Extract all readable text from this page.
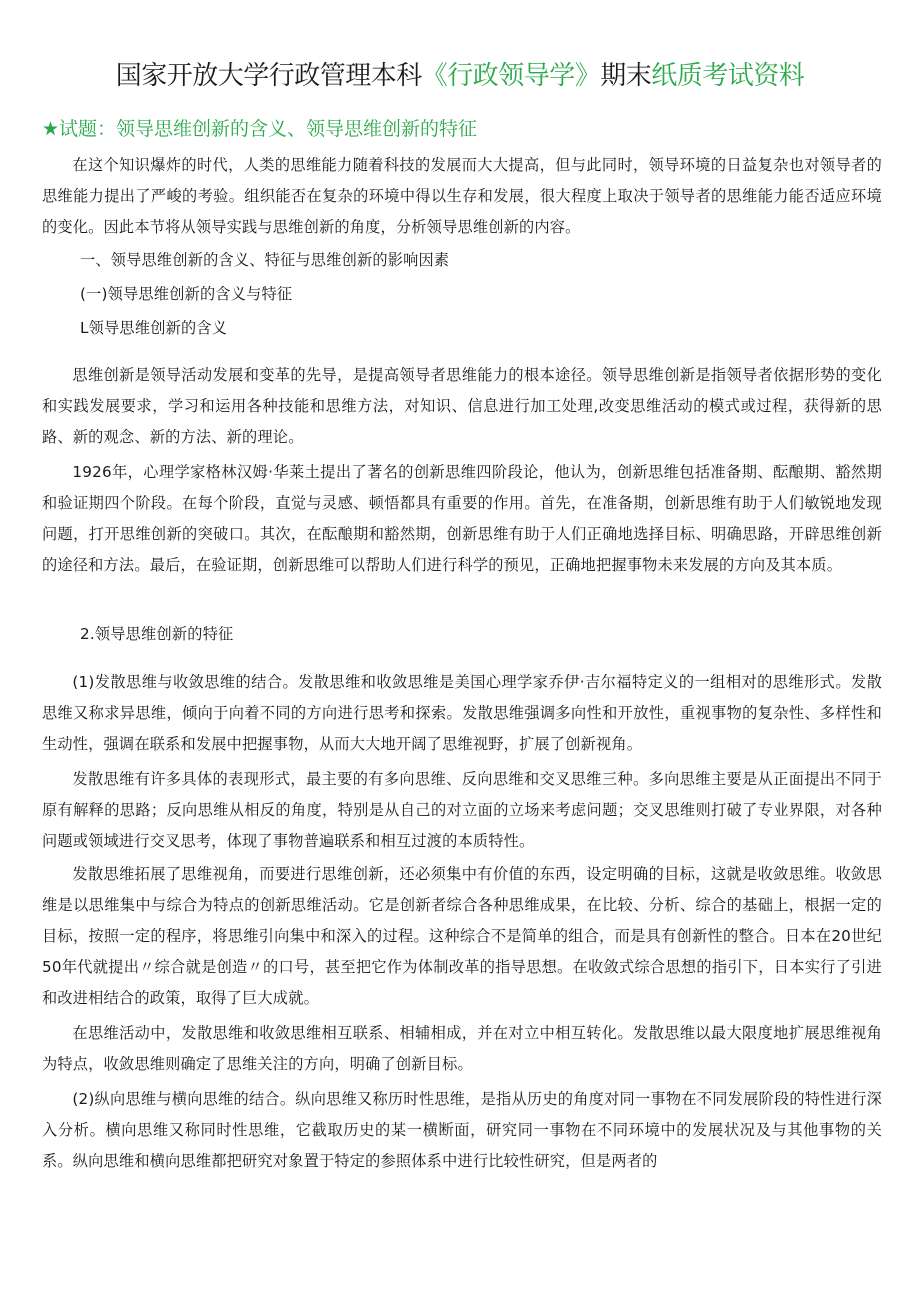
国家开放大学行政管理本科《行政领导学》期末纸质考试资料
★试题：领导思维创新的含义、领导思维创新的特征

在这个知识爆炸的时代，人类的思维能力随着科技的发展而大大提高，但与此同时，领导环境的日益复杂也对领导者的思维能力提出了严峻的考验。组织能否在复杂的环境中得以生存和发展，很大程度上取决于领导者的思维能力能否适应环境的变化。因此本节将从领导实践与思维创新的角度，分析领导思维创新的内容。

一、领导思维创新的含义、特征与思维创新的影响因素

(一)领导思维创新的含义与特征

L领导思维创新的含义

思维创新是领导活动发展和变革的先导，是提高领导者思维能力的根本途径。领导思维创新是指领导者依据形势的变化和实践发展要求，学习和运用各种技能和思维方法，对知识、信息进行加工处理,改变思维活动的模式或过程，获得新的思路、新的观念、新的方法、新的理论。

1926年，心理学家格林汉姆·华莱土提出了著名的创新思维四阶段论，他认为，创新思维包括准备期、酝酿期、豁然期和验证期四个阶段。在每个阶段，直觉与灵感、顿悟都具有重要的作用。首先，在准备期，创新思维有助于人们敏锐地发现问题，打开思维创新的突破口。其次，在酝酿期和豁然期，创新思维有助于人们正确地选择目标、明确思路，开辟思维创新的途径和方法。最后，在验证期，创新思维可以帮助人们进行科学的预见，正确地把握事物未来发展的方向及其本质。

2.领导思维创新的特征

(1)发散思维与收敛思维的结合。发散思维和收敛思维是美国心理学家乔伊·吉尔福特定义的一组相对的思维形式。发散思维又称求异思维，倾向于向着不同的方向进行思考和探索。发散思维强调多向性和开放性，重视事物的复杂性、多样性和生动性，强调在联系和发展中把握事物，从而大大地开阔了思维视野，扩展了创新视角。

发散思维有许多具体的表现形式，最主要的有多向思维、反向思维和交叉思维三种。多向思维主要是从正面提出不同于原有解释的思路；反向思维从相反的角度，特别是从自己的对立面的立场来考虑问题；交叉思维则打破了专业界限，对各种问题或领域进行交叉思考，体现了事物普遍联系和相互过渡的本质特性。

发散思维拓展了思维视角，而要进行思维创新，还必须集中有价值的东西，设定明确的目标，这就是收敛思维。收敛思维是以思维集中与综合为特点的创新思维活动。它是创新者综合各种思维成果，在比较、分析、综合的基础上，根据一定的目标，按照一定的程序，将思维引向集中和深入的过程。这种综合不是简单的组合，而是具有创新性的整合。日本在20世纪50年代就提出〃综合就是创造〃的口号，甚至把它作为体制改革的指导思想。在收敛式综合思想的指引下，日本实行了引进和改进相结合的政策，取得了巨大成就。

在思维活动中，发散思维和收敛思维相互联系、相辅相成，并在对立中相互转化。发散思维以最大限度地扩展思维视角为特点，收敛思维则确定了思维关注的方向，明确了创新目标。

(2)纵向思维与横向思维的结合。纵向思维又称历时性思维，是指从历史的角度对同一事物在不同发展阶段的特性进行深入分析。横向思维又称同时性思维，它截取历史的某一横断面，研究同一事物在不同环境中的发展状况及与其他事物的关系。纵向思维和横向思维都把研究对象置于特定的参照体系中进行比较性研究，但是两者的
